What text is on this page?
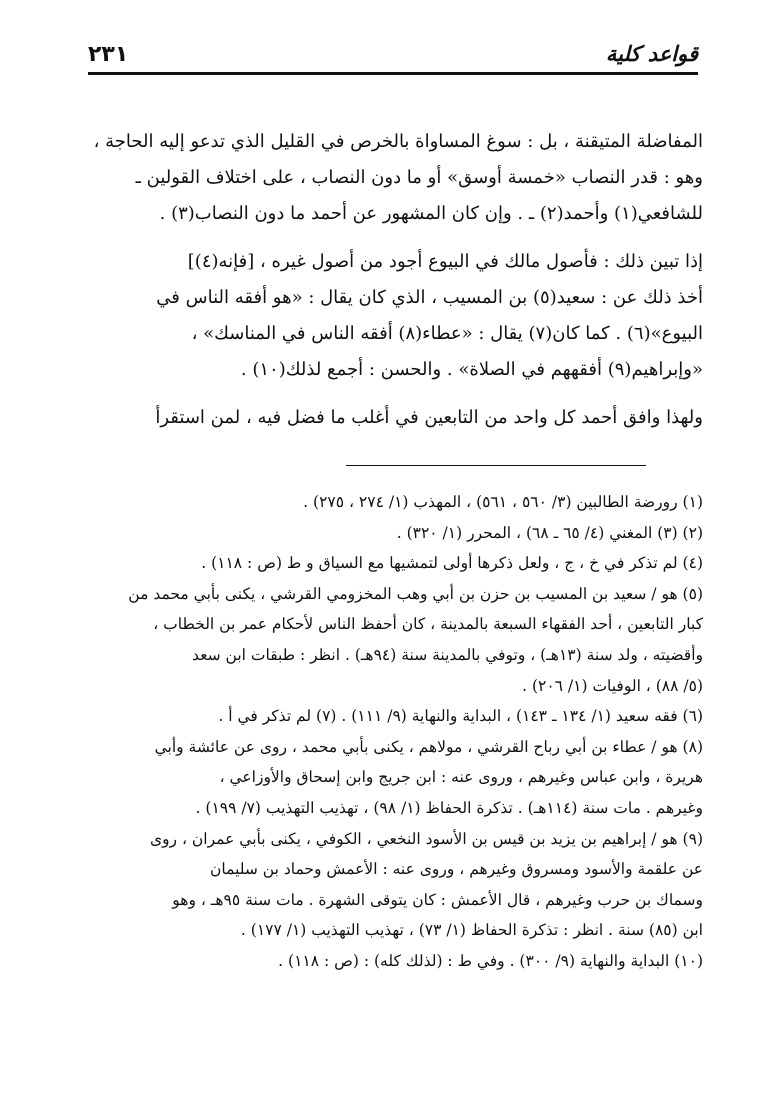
قواعد كلية
٢٣١
المفاضلة المتيقنة ، بل : سوغ المساواة بالخرص في القليل الذي تدعو إليه الحاجة ،
وهو : قدر النصاب «خمسة أوسق» أو ما دون النصاب ، على اختلاف القولين ـ
للشافعي(١) وأحمد(٢) ـ . وإن كان المشهور عن أحمد ما دون النصاب(٣) .
إذا تبين ذلك : فأصول مالك في البيوع أجود من أصول غيره ، [فإنه(٤)]
أخذ ذلك عن : سعيد(٥) بن المسيب ، الذي كان يقال : «هو أفقه الناس في
البيوع»(٦) . كما كان(٧) يقال : «عطاء(٨) أفقه الناس في المناسك» ،
«وإبراهيم(٩) أفقههم في الصلاة» . والحسن : أجمع لذلك(١٠) .
ولهذا وافق أحمد كل واحد من التابعين في أغلب ما فضل فيه ، لمن استقرأ
(١) رورضة الطالبين (٣/ ٥٦٠ ، ٥٦١) ، المهذب (١/ ٢٧٤ ، ٢٧٥) .
(٢) (٣) المغني (٤/ ٦٥ ـ ٦٨) ، المحرر (١/ ٣٢٠) .
(٤) لم تذكر في خ ، ج ، ولعل ذكرها أولى لتمشيها مع السياق و ط (ص : ١١٨) .
(٥) هو / سعيد بن المسيب بن حزن بن أبي وهب المخزومي القرشي ، يكنى بأبي محمد من
كبار التابعين ، أحد الفقهاء السبعة بالمدينة ، كان أحفظ الناس لأحكام عمر بن الخطاب ،
وأقضيته ، ولد سنة (١٣هـ) ، وتوفي بالمدينة سنة (٩٤هـ) . انظر : طبقات ابن سعد
(٥/ ٨٨) ، الوفيات (١/ ٢٠٦) .
(٦) فقه سعيد (١/ ١٣٤ ـ ١٤٣) ، البداية والنهاية (٩/ ١١١) . (٧) لم تذكر في أ .
(٨) هو / عطاء بن أبي رباح القرشي ، مولاهم ، يكنى بأبي محمد ، روى عن عائشة وأبي
هريرة ، وابن عباس وغيرهم ، وروى عنه : ابن جريج وابن إسحاق والأوزاعي ،
وغيرهم . مات سنة (١١٤هـ) . تذكرة الحفاظ (١/ ٩٨) ، تهذيب التهذيب (٧/ ١٩٩) .
(٩) هو / إبراهيم بن يزيد بن قيس بن الأسود النخعي ، الكوفي ، يكنى بأبي عمران ، روى
عن علقمة والأسود ومسروق وغيرهم ، وروى عنه : الأعمش وحماد بن سليمان
وسماك بن حرب وغيرهم ، قال الأعمش : كان يتوقى الشهرة . مات سنة ٩٥هـ ، وهو
ابن (٨٥) سنة . انظر : تذكرة الحفاظ (١/ ٧٣) ، تهذيب التهذيب (١/ ١٧٧) .
(١٠) البداية والنهاية (٩/ ٣٠٠) . وفي ط : (لذلك كله) : (ص : ١١٨) .
